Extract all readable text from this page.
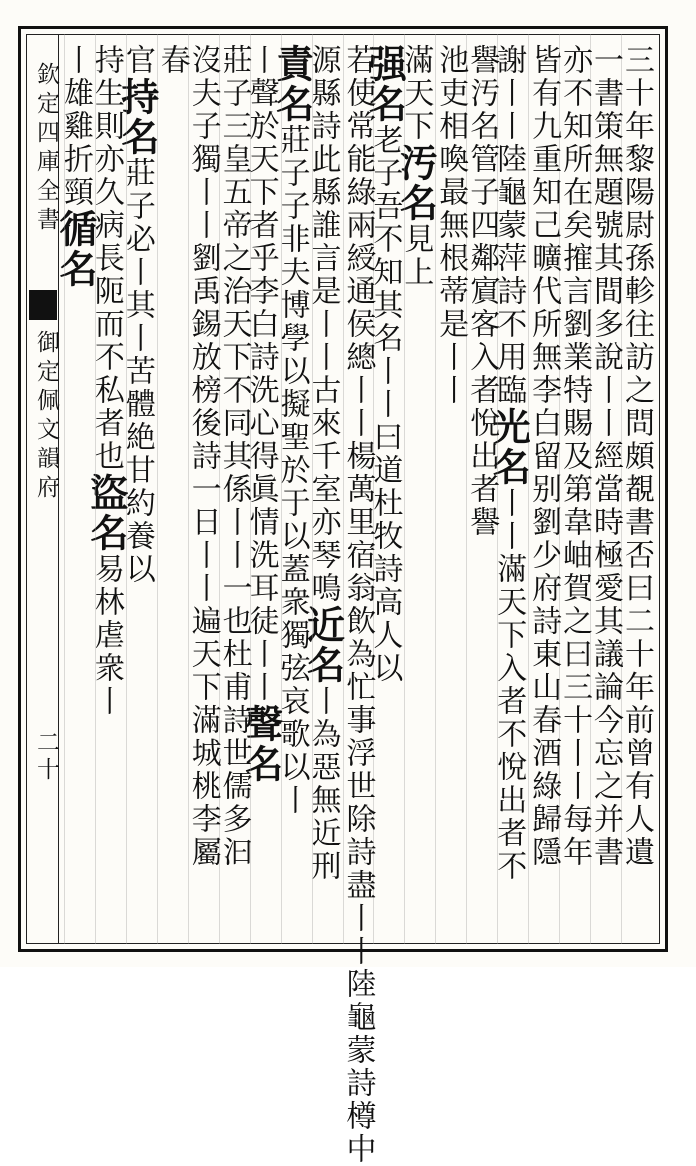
欽定四庫全書
御定佩文韻府
二十	三十年黎陽尉孫軫往訪之問頗覩書否曰二十年前曾有人遺
一書策無題號其間多說丨丨經當時極愛其議論今忘之并書
亦不知所在矣㩁言劉業特賜及第韋岫賀之曰三十丨丨每年
皆有九重知己曠代所無李白留别劉少府詩東山春酒綠歸隱
謝丨丨陸龜蒙萍詩不用臨光名丨丨滿天下入者不悅出者不
譽汚名管子四鄰賔客入者悅出者譽
池吏相喚最無根蒂是丨丨
滿天下汚名見上
强名老子吾不知其名丨丨曰道杜牧詩高人以
若使常能綠兩綬通侯總丨丨楊萬里宿翁飲為忙事浮世除詩盡丨丨陸龜蒙詩樽中
源縣詩此縣誰言是丨丨古來千室亦琴鳴近名丨為惡無近刑
責名莊子子非夫博學以擬聖於于以蓋衆獨弦哀歌以丨
丨聲於天下者乎李白詩洗心得眞情洗耳徒丨丨聲名
莊子三皇五帝之治天下不同其係丨丨一也杜甫詩世儒多汩
沒夫子獨丨丨劉禹錫放榜後詩一日丨丨遍天下滿城桃李屬
春
官持名莊子必丨其丨苦體絶甘約養以
持生則亦久病長阨而不私者也盜名易林虐衆丨
丨雄雞折頸循名
